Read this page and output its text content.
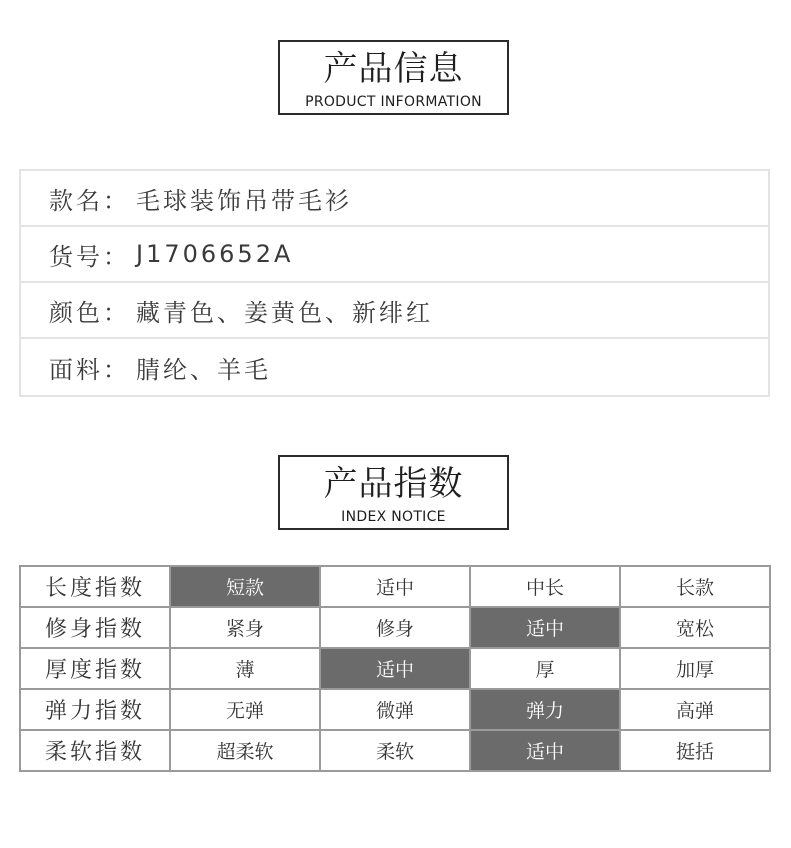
产品信息
PRODUCT INFORMATION
款名： 毛球装饰吊带毛衫
货号： J1706652A
颜色： 藏青色、姜黄色、新绯红
面料： 腈纶、羊毛
产品指数
INDEX NOTICE
长度指数	短款	适中	中长	长款
修身指数	紧身	修身	适中	宽松
厚度指数	薄	适中	厚	加厚
弹力指数	无弹	微弹	弹力	高弹
柔软指数	超柔软	柔软	适中	挺括
